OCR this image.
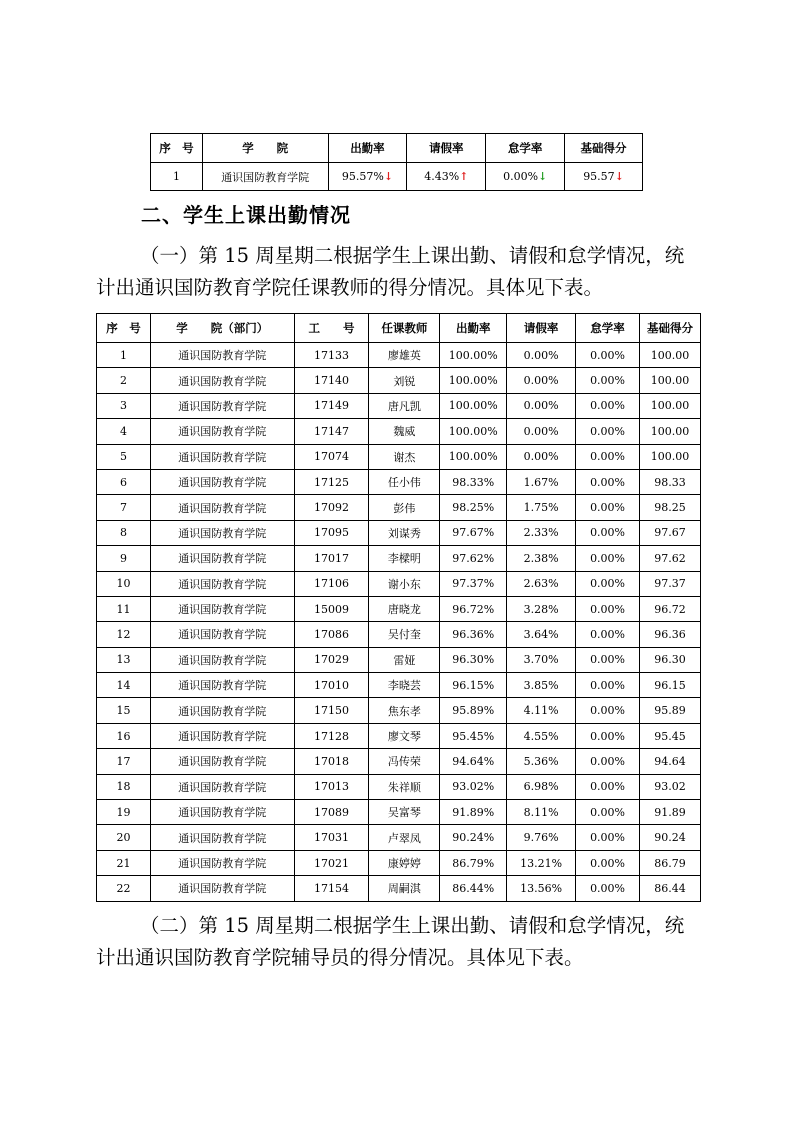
序　号	学　　院	出勤率	请假率	怠学率	基础得分
1	通识国防教育学院	95.57%↓	4.43%↑	0.00%↓	95.57↓
二、学生上课出勤情况

（一）第 15 周星期二根据学生上课出勤、请假和怠学情况，统计出通识国防教育学院任课教师的得分情况。具体见下表。

序　号	学　　院（部门）	工　　号	任课教师	出勤率	请假率	怠学率	基础得分
1	通识国防教育学院	17133	廖雄英	100.00%	0.00%	0.00%	100.00
2	通识国防教育学院	17140	刘锐	100.00%	0.00%	0.00%	100.00
3	通识国防教育学院	17149	唐凡凯	100.00%	0.00%	0.00%	100.00
4	通识国防教育学院	17147	魏威	100.00%	0.00%	0.00%	100.00
5	通识国防教育学院	17074	谢杰	100.00%	0.00%	0.00%	100.00
6	通识国防教育学院	17125	任小伟	98.33%	1.67%	0.00%	98.33
7	通识国防教育学院	17092	彭伟	98.25%	1.75%	0.00%	98.25
8	通识国防教育学院	17095	刘谋秀	97.67%	2.33%	0.00%	97.67
9	通识国防教育学院	17017	李樑明	97.62%	2.38%	0.00%	97.62
10	通识国防教育学院	17106	谢小东	97.37%	2.63%	0.00%	97.37
11	通识国防教育学院	15009	唐晓龙	96.72%	3.28%	0.00%	96.72
12	通识国防教育学院	17086	吴付奎	96.36%	3.64%	0.00%	96.36
13	通识国防教育学院	17029	雷娅	96.30%	3.70%	0.00%	96.30
14	通识国防教育学院	17010	李晓芸	96.15%	3.85%	0.00%	96.15
15	通识国防教育学院	17150	焦东孝	95.89%	4.11%	0.00%	95.89
16	通识国防教育学院	17128	廖文琴	95.45%	4.55%	0.00%	95.45
17	通识国防教育学院	17018	冯传荣	94.64%	5.36%	0.00%	94.64
18	通识国防教育学院	17013	朱祥顺	93.02%	6.98%	0.00%	93.02
19	通识国防教育学院	17089	吴富琴	91.89%	8.11%	0.00%	91.89
20	通识国防教育学院	17031	卢翠凤	90.24%	9.76%	0.00%	90.24
21	通识国防教育学院	17021	康婷婷	86.79%	13.21%	0.00%	86.79
22	通识国防教育学院	17154	周嗣淇	86.44%	13.56%	0.00%	86.44

（二）第 15 周星期二根据学生上课出勤、请假和怠学情况，统计出通识国防教育学院辅导员的得分情况。具体见下表。
